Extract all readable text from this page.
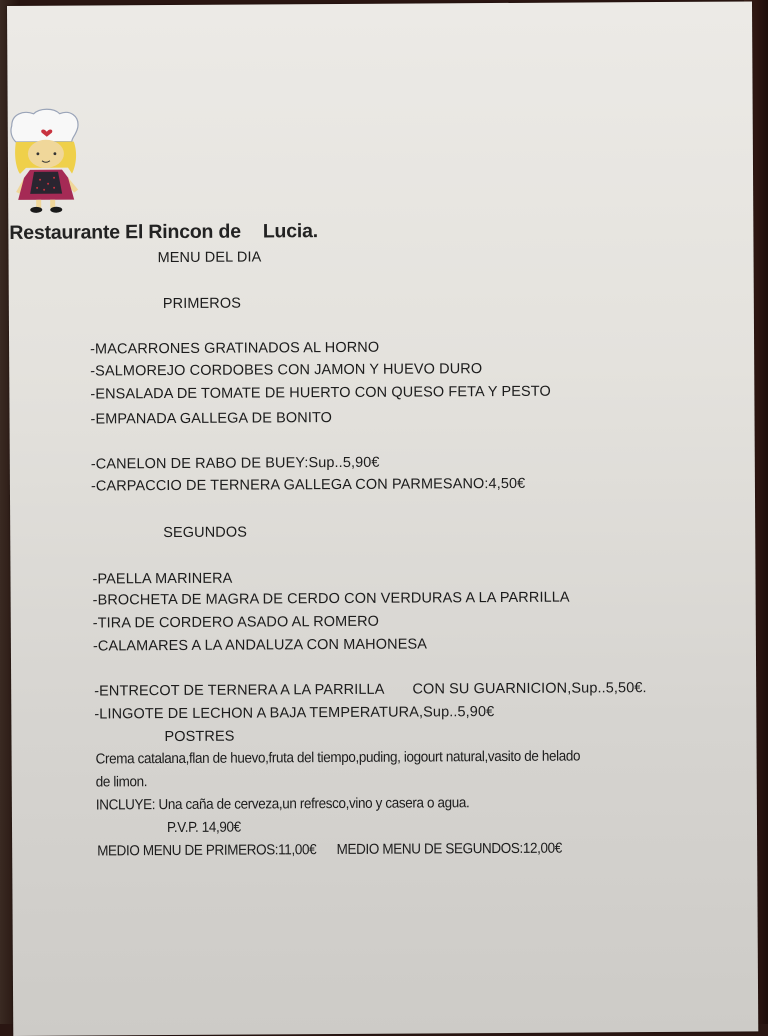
Restaurante El Rincon de Lucia.
MENU DEL DIA
PRIMEROS
-MACARRONES GRATINADOS AL HORNO
-SALMOREJO CORDOBES CON JAMON Y HUEVO DURO
-ENSALADA DE TOMATE DE HUERTO CON QUESO FETA Y PESTO
-EMPANADA GALLEGA DE BONITO
-CANELON DE RABO DE BUEY:Sup..5,90€
-CARPACCIO DE TERNERA GALLEGA CON PARMESANO:4,50€
SEGUNDOS
-PAELLA MARINERA
-BROCHETA DE MAGRA DE CERDO CON VERDURAS A LA PARRILLA
-TIRA DE CORDERO ASADO AL ROMERO
-CALAMARES A LA ANDALUZA CON MAHONESA
-ENTRECOT DE TERNERA A LA PARRILLA CON SU GUARNICION,Sup..5,50€.
-LINGOTE DE LECHON A BAJA TEMPERATURA,Sup..5,90€
POSTRES
Crema catalana,flan de huevo,fruta del tiempo,puding, iogourt natural,vasito de helado
de limon.
INCLUYE: Una caña de cerveza,un refresco,vino y casera o agua.
P.V.P. 14,90€
MEDIO MENU DE PRIMEROS:11,00€ MEDIO MENU DE SEGUNDOS:12,00€
